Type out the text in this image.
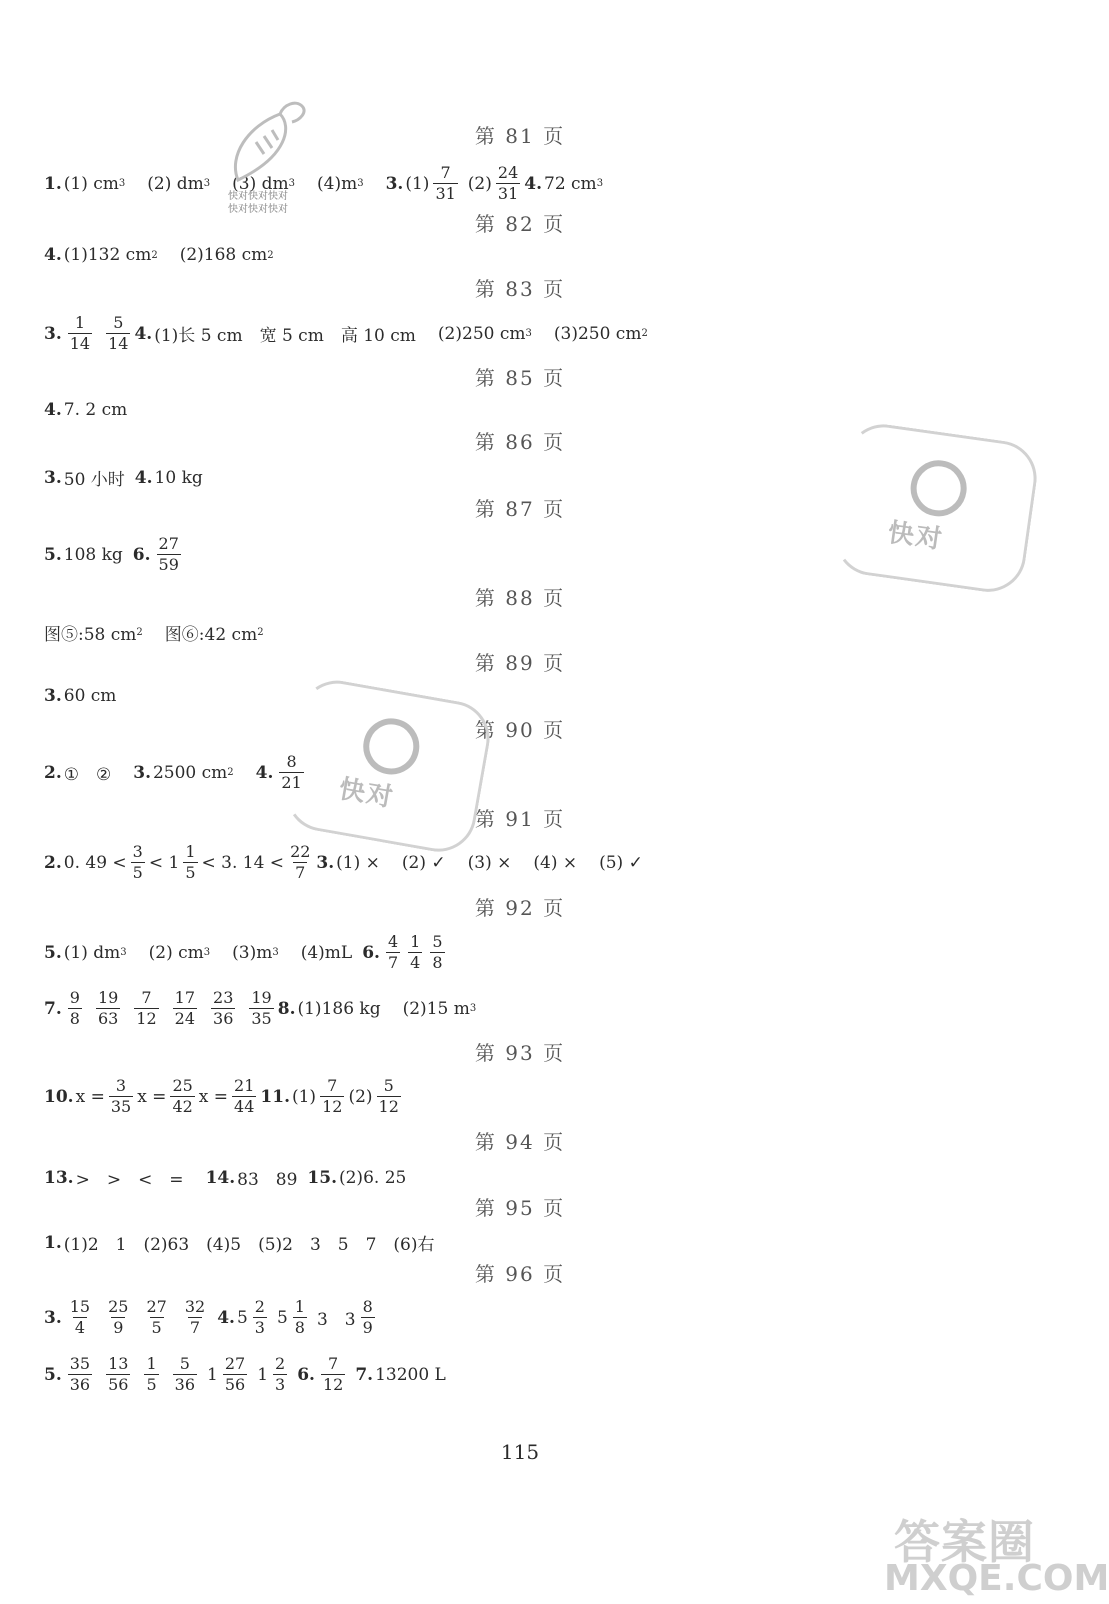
第 81 页
第 82 页
第 83 页
第 85 页
第 86 页
第 87 页
第 88 页
第 89 页
第 90 页
第 91 页
第 92 页
第 93 页
第 94 页
第 95 页
第 96 页
1. (1) cm 3 (2) dm 3 (3) dm 3 (4)m 3 3. $(1) \frac{7}{31} (2) \frac{24}{31} 4$. 72 cm 3
4. (1)132 cm 2 (2)168 cm 2
3. $\frac{1}{14} \frac{5}{14} 4$. (1)长 5 cm　宽 5 cm　高 10 cm (2)250 cm 3 (3)250 cm 2
4. 7. 2 cm
3. 50 小时 4. 10 kg
5. 108 kg 6. $\frac{27}{59}$
图⑤:58 cm 2 图⑥:42 cm 2
3. 60 cm
2. ①　② 3. 2500 cm 2 4. $\frac{8}{21}$
2. 0. $49 < \frac{3}{5} < 1 \frac{1}{5} < 3$. $14 < \frac{22}{7} 3$. (1) × (2) ✓ (3) × (4) × (5) ✓
5. (1) dm 3 (2) cm 3 (3)m 3 (4)mL 6. $\frac{4}{7} \frac{1}{4} \frac{5}{8}$
7. $\frac{9}{8} \frac{19}{63} \frac{7}{12} \frac{17}{24} \frac{23}{36} \frac{19}{35} 8$. (1)186 kg (2)15 m 3
10. $x = \frac{3}{35}$ $x = \frac{25}{42}$ $x = \frac{21}{44} 11$. $(1) \frac{7}{12} (2) \frac{5}{12}$
13. >　>　<　= 14. 83　89 15. (2)6. 25
1. (1)2　1　(2)63　(4)5　(5)2　3　5　7　(6)右
3. $\frac{15}{4} \frac{25}{9} \frac{27}{5} \frac{32}{7} 4$. $5 \frac{2}{3} 5 \frac{1}{8} 3$　$3 \frac{8}{9}$
5. $\frac{35}{36} \frac{13}{56} \frac{1}{5} \frac{5}{36} 1 \frac{27}{56} 1 \frac{2}{3} 6$. $\frac{7}{12} 7$. 13200 L
115
快对快对快对
快对快对快对
快对
快对
答案圈
MXQE.COM
